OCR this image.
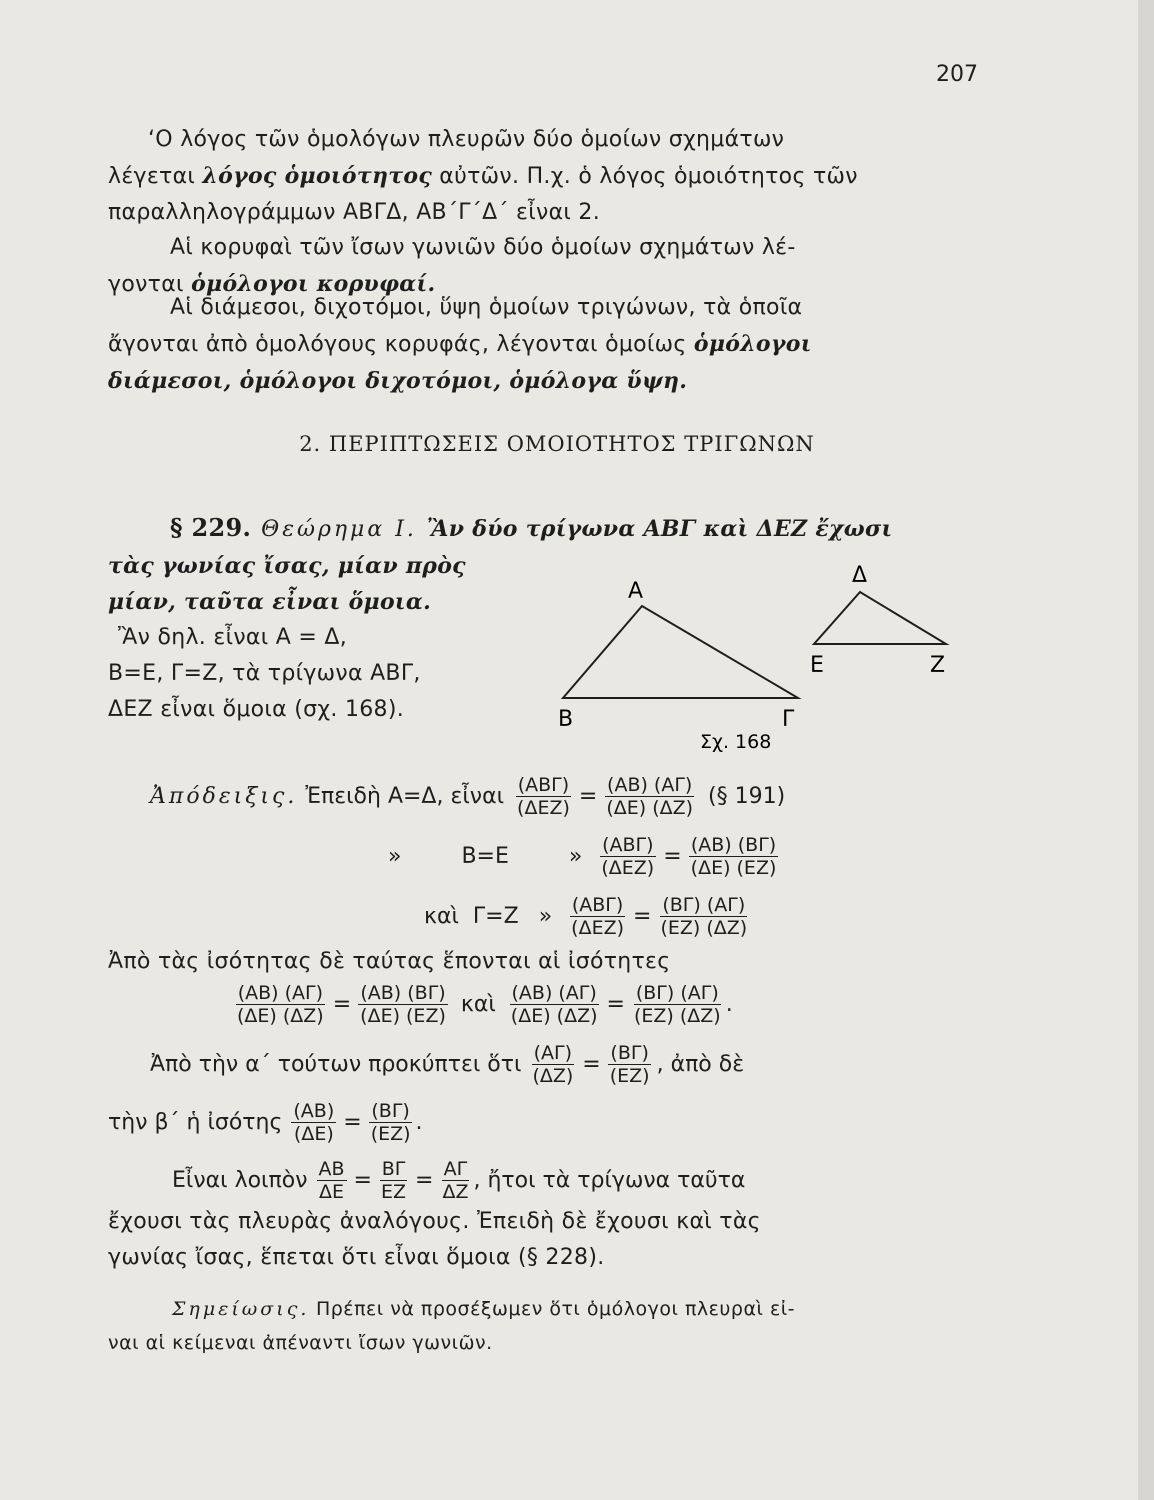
207
‘Ο λόγος τῶν ὁμολόγων πλευρῶν δύο ὁμοίων σχημάτων
λέγεται λόγος ὁμοιότητος αὐτῶν. Π.χ. ὁ λόγος ὁμοιότητος τῶν
παραλληλογράμμων ΑΒΓΔ, ΑΒ΄Γ΄Δ΄ εἶναι 2.
Αἱ κορυφαὶ τῶν ἴσων γωνιῶν δύο ὁμοίων σχημάτων λέ-
γονται ὁμόλογοι κορυφαί.
Αἱ διάμεσοι, διχοτόμοι, ὕψη ὁμοίων τριγώνων, τὰ ὁποῖα
ἄγονται ἀπὸ ὁμολόγους κορυφάς, λέγονται ὁμοίως ὁμόλογοι
διάμεσοι, ὁμόλογοι διχοτόμοι, ὁμόλογα ὕψη.
2. ΠΕΡΙΠΤΩΣΕΙΣ ΟΜΟΙΟΤΗΤΟΣ ΤΡΙΓΩΝΩΝ
§ 229. Θεώρημα Ι. Ἂν δύο τρίγωνα ΑΒΓ καὶ ΔΕΖ ἔχωσι
τὰς γωνίας ἴσας, μίαν πρὸς
μίαν, ταῦτα εἶναι ὅμοια.
Ἂν δηλ. εἶναι Α = Δ,
Β=Ε, Γ=Ζ, τὰ τρίγωνα ΑΒΓ,
ΔΕΖ εἶναι ὅμοια (σχ. 168).
Α
Β	Γ
Δ
Ε	Ζ
Σχ. 168
Ἀπόδειξις. Ἐπειδὴ Α=Δ, εἶναι $\frac{\text{(ΑΒΓ)}}{\text{(ΔΕΖ)}} = \frac{(AB) (A\Gamma)}{(\Delta E) (\Delta Z)}$ (§ 191)
»	Β=Ε	» $\frac{\text{(ΑΒΓ)}}{\text{(ΔΕΖ)}} = \frac{(AB) (B\Gamma)}{(\Delta E) (EZ)}$
καὶ Γ=Ζ » $\frac{\text{(ΑΒΓ)}}{\text{(ΔΕΖ)}} = \frac{(B\Gamma) (A\Gamma)}{(EZ) (\Delta Z)}$
Ἀπὸ τὰς ἰσότητας δὲ ταύτας ἕπονται αἱ ἰσότητες
$\frac{(AB) (A\Gamma)}{(\Delta E) (\Delta Z)} = \frac{(AB) (B\Gamma)}{(\Delta E) (EZ)}$ καὶ $\frac{(AB) (A\Gamma)}{(\Delta E) (\Delta Z)} = \frac{(B\Gamma) (A\Gamma)}{(EZ) (\Delta Z)}$ .
Ἀπὸ τὴν α΄ τούτων προκύπτει ὅτι $\frac{(A\Gamma)}{(\Delta Z)} = \frac{(B\Gamma)}{(EZ)}$ , ἀπὸ δὲ
τὴν β΄ ἡ ἰσότης $\frac{(AB)}{(\Delta E)} = \frac{(B\Gamma)}{(EZ)}$ .
Εἶναι λοιπὸν $\frac{AB}{\Delta E} = \frac{B\Gamma}{EZ} = \frac{A\Gamma}{\Delta Z}$ , ἤτοι τὰ τρίγωνα ταῦτα
ἔχουσι τὰς πλευρὰς ἀναλόγους. Ἐπειδὴ δὲ ἔχουσι καὶ τὰς
γωνίας ἴσας, ἕπεται ὅτι εἶναι ὅμοια (§ 228).
Σημείωσις. Πρέπει νὰ προσέξωμεν ὅτι ὁμόλογοι πλευραὶ εἰ-
ναι αἱ κείμεναι ἀπέναντι ἴσων γωνιῶν.
